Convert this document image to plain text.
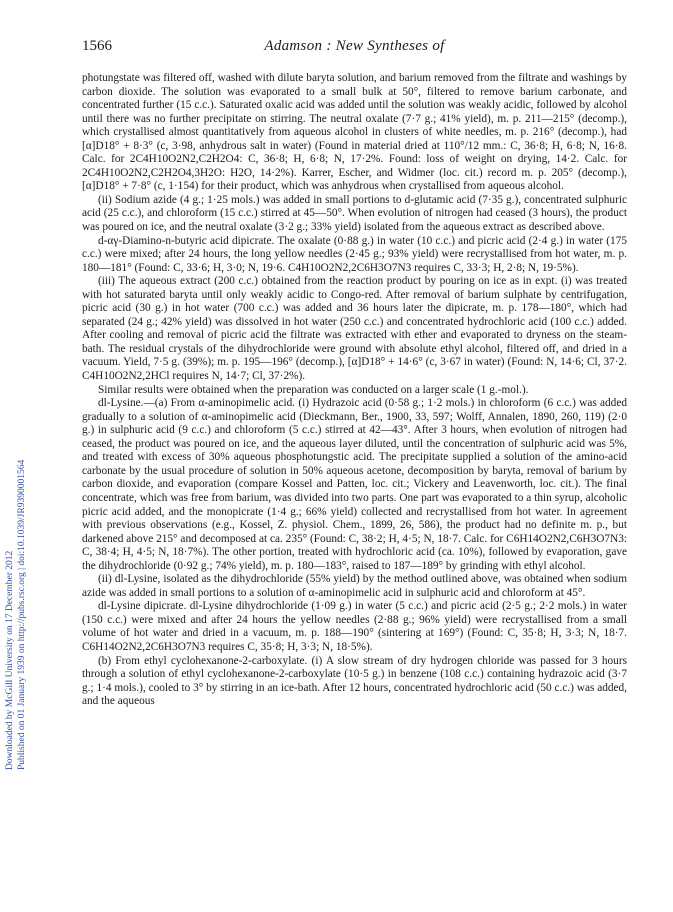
1566	Adamson : New Syntheses of
Downloaded by McGill University on 17 December 2012 Published on 01 January 1939 on http://pubs.rsc.org | doi:10.1039/JR9390001564

photungstate was filtered off, washed with dilute baryta solution, and barium removed from the filtrate and washings by carbon dioxide. The solution was evaporated to a small bulk at 50°, filtered to remove barium carbonate, and concentrated further (15 c.c.). Saturated oxalic acid was added until the solution was weakly acidic, followed by alcohol until there was no further precipitate on stirring. The neutral oxalate (7·7 g.; 41% yield), m. p. 211—215° (decomp.), which crystallised almost quantitatively from aqueous alcohol in clusters of white needles, m. p. 216° (decomp.), had [α]D18° + 8·3° (c, 3·98, anhydrous salt in water) (Found in material dried at 110°/12 mm.: C, 36·8; H, 6·8; N, 16·8. Calc. for 2C4H10O2N2,C2H2O4: C, 36·8; H, 6·8; N, 17·2%. Found: loss of weight on drying, 14·2. Calc. for 2C4H10O2N2,C2H2O4,3H2O: H2O, 14·2%). Karrer, Escher, and Widmer (loc. cit.) record m. p. 205° (decomp.), [α]D18° + 7·8° (c, 1·154) for their product, which was anhydrous when crystallised from aqueous alcohol.

(ii) Sodium azide (4 g.; 1·25 mols.) was added in small portions to d-glutamic acid (7·35 g.), concentrated sulphuric acid (25 c.c.), and chloroform (15 c.c.) stirred at 45—50°. When evolution of nitrogen had ceased (3 hours), the product was poured on ice, and the neutral oxalate (3·2 g.; 33% yield) isolated from the aqueous extract as described above.

d-αγ-Diamino-n-butyric acid dipicrate. The oxalate (0·88 g.) in water (10 c.c.) and picric acid (2·4 g.) in water (175 c.c.) were mixed; after 24 hours, the long yellow needles (2·45 g.; 93% yield) were recrystallised from hot water, m. p. 180—181° (Found: C, 33·6; H, 3·0; N, 19·6. C4H10O2N2,2C6H3O7N3 requires C, 33·3; H, 2·8; N, 19·5%).

(iii) The aqueous extract (200 c.c.) obtained from the reaction product by pouring on ice as in expt. (i) was treated with hot saturated baryta until only weakly acidic to Congo-red. After removal of barium sulphate by centrifugation, picric acid (30 g.) in hot water (700 c.c.) was added and 36 hours later the dipicrate, m. p. 178—180°, which had separated (24 g.; 42% yield) was dissolved in hot water (250 c.c.) and concentrated hydrochloric acid (100 c.c.) added. After cooling and removal of picric acid the filtrate was extracted with ether and evaporated to dryness on the steam-bath. The residual crystals of the dihydrochloride were ground with absolute ethyl alcohol, filtered off, and dried in a vacuum. Yield, 7·5 g. (39%); m. p. 195—196° (decomp.), [α]D18° + 14·6° (c, 3·67 in water) (Found: N, 14·6; Cl, 37·2. C4H10O2N2,2HCl requires N, 14·7; Cl, 37·2%).

Similar results were obtained when the preparation was conducted on a larger scale (1 g.-mol.).

dl-Lysine.—(a) From α-aminopimelic acid. (i) Hydrazoic acid (0·58 g.; 1·2 mols.) in chloroform (6 c.c.) was added gradually to a solution of α-aminopimelic acid (Dieckmann, Ber., 1900, 33, 597; Wolff, Annalen, 1890, 260, 119) (2·0 g.) in sulphuric acid (9 c.c.) and chloroform (5 c.c.) stirred at 42—43°. After 3 hours, when evolution of nitrogen had ceased, the product was poured on ice, and the aqueous layer diluted, until the concentration of sulphuric acid was 5%, and treated with excess of 30% aqueous phosphotungstic acid. The precipitate supplied a solution of the amino-acid carbonate by the usual procedure of solution in 50% aqueous acetone, decomposition by baryta, removal of barium by carbon dioxide, and evaporation (compare Kossel and Patten, loc. cit.; Vickery and Leavenworth, loc. cit.). The final concentrate, which was free from barium, was divided into two parts. One part was evaporated to a thin syrup, alcoholic picric acid added, and the monopicrate (1·4 g.; 66% yield) collected and recrystallised from hot water. In agreement with previous observations (e.g., Kossel, Z. physiol. Chem., 1899, 26, 586), the product had no definite m. p., but darkened above 215° and decomposed at ca. 235° (Found: C, 38·2; H, 4·5; N, 18·7. Calc. for C6H14O2N2,C6H3O7N3: C, 38·4; H, 4·5; N, 18·7%). The other portion, treated with hydrochloric acid (ca. 10%), followed by evaporation, gave the dihydrochloride (0·92 g.; 74% yield), m. p. 180—183°, raised to 187—189° by grinding with ethyl alcohol.

(ii) dl-Lysine, isolated as the dihydrochloride (55% yield) by the method outlined above, was obtained when sodium azide was added in small portions to a solution of α-aminopimelic acid in sulphuric acid and chloroform at 45°.

dl-Lysine dipicrate. dl-Lysine dihydrochloride (1·09 g.) in water (5 c.c.) and picric acid (2·5 g.; 2·2 mols.) in water (150 c.c.) were mixed and after 24 hours the yellow needles (2·88 g.; 96% yield) were recrystallised from a small volume of hot water and dried in a vacuum, m. p. 188—190° (sintering at 169°) (Found: C, 35·8; H, 3·3; N, 18·7. C6H14O2N2,2C6H3O7N3 requires C, 35·8; H, 3·3; N, 18·5%).

(b) From ethyl cyclohexanone-2-carboxylate. (i) A slow stream of dry hydrogen chloride was passed for 3 hours through a solution of ethyl cyclohexanone-2-carboxylate (10·5 g.) in benzene (108 c.c.) containing hydrazoic acid (3·7 g.; 1·4 mols.), cooled to 3° by stirring in an ice-bath. After 12 hours, concentrated hydrochloric acid (50 c.c.) was added, and the aqueous
